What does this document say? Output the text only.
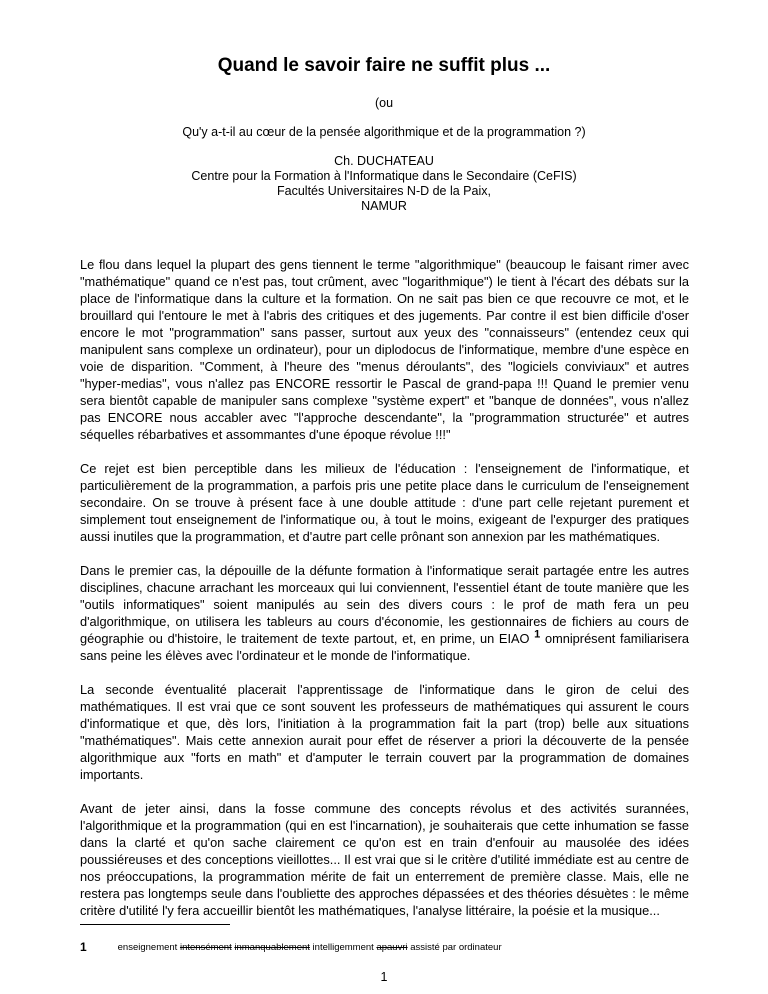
Quand le savoir faire ne suffit plus ...
(ou
Qu'y a-t-il au cœur de la pensée algorithmique et de la programmation ?)
Ch. DUCHATEAU
Centre pour la Formation à l'Informatique dans le Secondaire (CeFIS)
Facultés Universitaires N-D de la Paix,
NAMUR

Le flou dans lequel la plupart des gens tiennent le terme "algorithmique" (beaucoup le faisant rimer avec "mathématique" quand ce n'est pas, tout crûment, avec "logarithmique") le tient à l'écart des débats sur la place de l'informatique dans la culture et la formation. On ne sait pas bien ce que recouvre ce mot, et le brouillard qui l'entoure le met à l'abris des critiques et des jugements. Par contre il est bien difficile d'oser encore le mot "programmation" sans passer, surtout aux yeux des "connaisseurs" (entendez ceux qui manipulent sans complexe un ordinateur), pour un diplodocus de l'informatique, membre d'une espèce en voie de disparition. "Comment, à l'heure des "menus déroulants", des "logiciels conviviaux" et autres "hyper-medias", vous n'allez pas ENCORE ressortir le Pascal de grand-papa !!! Quand le premier venu sera bientôt capable de manipuler sans complexe "système expert" et "banque de données", vous n'allez pas ENCORE nous accabler avec "l'approche descendante", la "programmation structurée" et autres séquelles rébarbatives et assommantes d'une époque révolue !!!"

Ce rejet est bien perceptible dans les milieux de l'éducation : l'enseignement de l'informatique, et particulièrement de la programmation, a parfois pris une petite place dans le curriculum de l'enseignement secondaire. On se trouve à présent face à une double attitude : d'une part celle rejetant purement et simplement tout enseignement de l'informatique ou, à tout le moins, exigeant de l'expurger des pratiques aussi inutiles que la programmation, et d'autre part celle prônant son annexion par les mathématiques.

Dans le premier cas, la dépouille de la défunte formation à l'informatique serait partagée entre les autres disciplines, chacune arrachant les morceaux qui lui conviennent, l'essentiel étant de toute manière que les "outils informatiques" soient manipulés au sein des divers cours : le prof de math fera un peu d'algorithmique, on utilisera les tableurs au cours d'économie, les gestionnaires de fichiers au cours de géographie ou d'histoire, le traitement de texte partout, et, en prime, un EIAO 1 omniprésent familiarisera sans peine les élèves avec l'ordinateur et le monde de l'informatique.

La seconde éventualité placerait l'apprentissage de l'informatique dans le giron de celui des mathématiques. Il est vrai que ce sont souvent les professeurs de mathématiques qui assurent le cours d'informatique et que, dès lors, l'initiation à la programmation fait la part (trop) belle aux situations "mathématiques". Mais cette annexion aurait pour effet de réserver a priori la découverte de la pensée algorithmique aux "forts en math" et d'amputer le terrain couvert par la programmation de domaines importants.

Avant de jeter ainsi, dans la fosse commune des concepts révolus et des activités surannées, l'algorithmique et la programmation (qui en est l'incarnation), je souhaiterais que cette inhumation se fasse dans la clarté et qu'on sache clairement ce qu'on est en train d'enfouir au mausolée des idées poussiéreuses et des conceptions vieillottes... Il est vrai que si le critère d'utilité immédiate est au centre de nos préoccupations, la programmation mérite de fait un enterrement de première classe. Mais, elle ne restera pas longtemps seule dans l'oubliette des approches dépassées et des théories désuètes : le même critère d'utilité l'y fera accueillir bientôt les mathématiques, l'analyse littéraire, la poésie et la musique...

1	enseignement intensément inmanquablement intelligemment apauvri assisté par ordinateur
1
